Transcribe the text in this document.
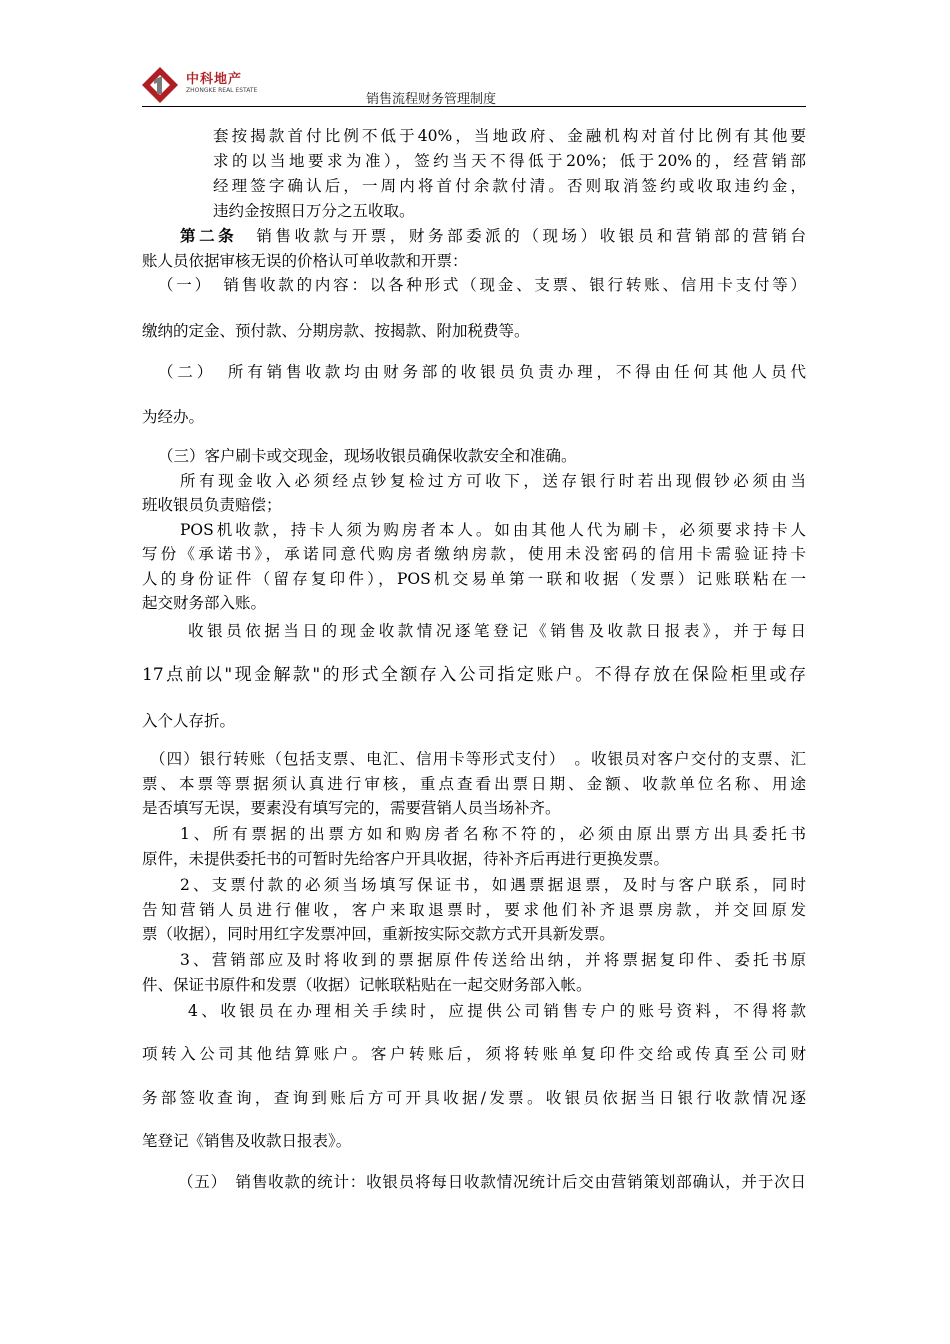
中科地产
ZHONGKE REAL ESTATE
销售流程财务管理制度
套按揭款首付比例不低于40%，当地政府、金融机构对首付比例有其他要
求的以当地要求为准），签约当天不得低于20%；低于20%的，经营销部
经理签字确认后，一周内将首付余款付清。否则取消签约或收取违约金，
违约金按照日万分之五收取。
第二条　 销售收款与开票，财务部委派的（现场）收银员和营销部的营销台
账人员依据审核无误的价格认可单收款和开票：
（一）　销售收款的内容：以各种形式（现金、支票、银行转账、信用卡支付等）
缴纳的定金、预付款、分期房款、按揭款、附加税费等。
（二）　所有销售收款均由财务部的收银员负责办理，不得由任何其他人员代
为经办。
（三）客户刷卡或交现金，现场收银员确保收款安全和准确。
所有现金收入必须经点钞复检过方可收下，送存银行时若出现假钞必须由当
班收银员负责赔偿；
POS机收款，持卡人须为购房者本人。如由其他人代为刷卡，必须要求持卡人
写份《承诺书》，承诺同意代购房者缴纳房款，使用未没密码的信用卡需验证持卡
人的身份证件（留存复印件），POS机交易单第一联和收据（发票）记账联粘在一
起交财务部入账。
收银员依据当日的现金收款情况逐笔登记《销售及收款日报表》，并于每日
17点前以"现金解款"的形式全额存入公司指定账户。不得存放在保险柜里或存
入个人存折。
（四）银行转账（包括支票、电汇、信用卡等形式支付）　。收银员对客户交付的支票、汇
票、本票等票据须认真进行审核，重点查看出票日期、金额、收款单位名称、用途
是否填写无误，要素没有填写完的，需要营销人员当场补齐。
1、所有票据的出票方如和购房者名称不符的，必须由原出票方出具委托书
原件，未提供委托书的可暂时先给客户开具收据，待补齐后再进行更换发票。
2、支票付款的必须当场填写保证书，如遇票据退票，及时与客户联系，同时
告知营销人员进行催收，客户来取退票时，要求他们补齐退票房款，并交回原发
票（收据），同时用红字发票冲回，重新按实际交款方式开具新发票。
3、营销部应及时将收到的票据原件传送给出纳，并将票据复印件、委托书原
件、保证书原件和发票（收据）记帐联粘贴在一起交财务部入帐。
4、收银员在办理相关手续时，应提供公司销售专户的账号资料，不得将款
项转入公司其他结算账户。客户转账后，须将转账单复印件交给或传真至公司财
务部签收查询，查询到账后方可开具收据/发票。收银员依据当日银行收款情况逐
笔登记《销售及收款日报表》。
（五）　销售收款的统计：收银员将每日收款情况统计后交由营销策划部确认，并于次日
